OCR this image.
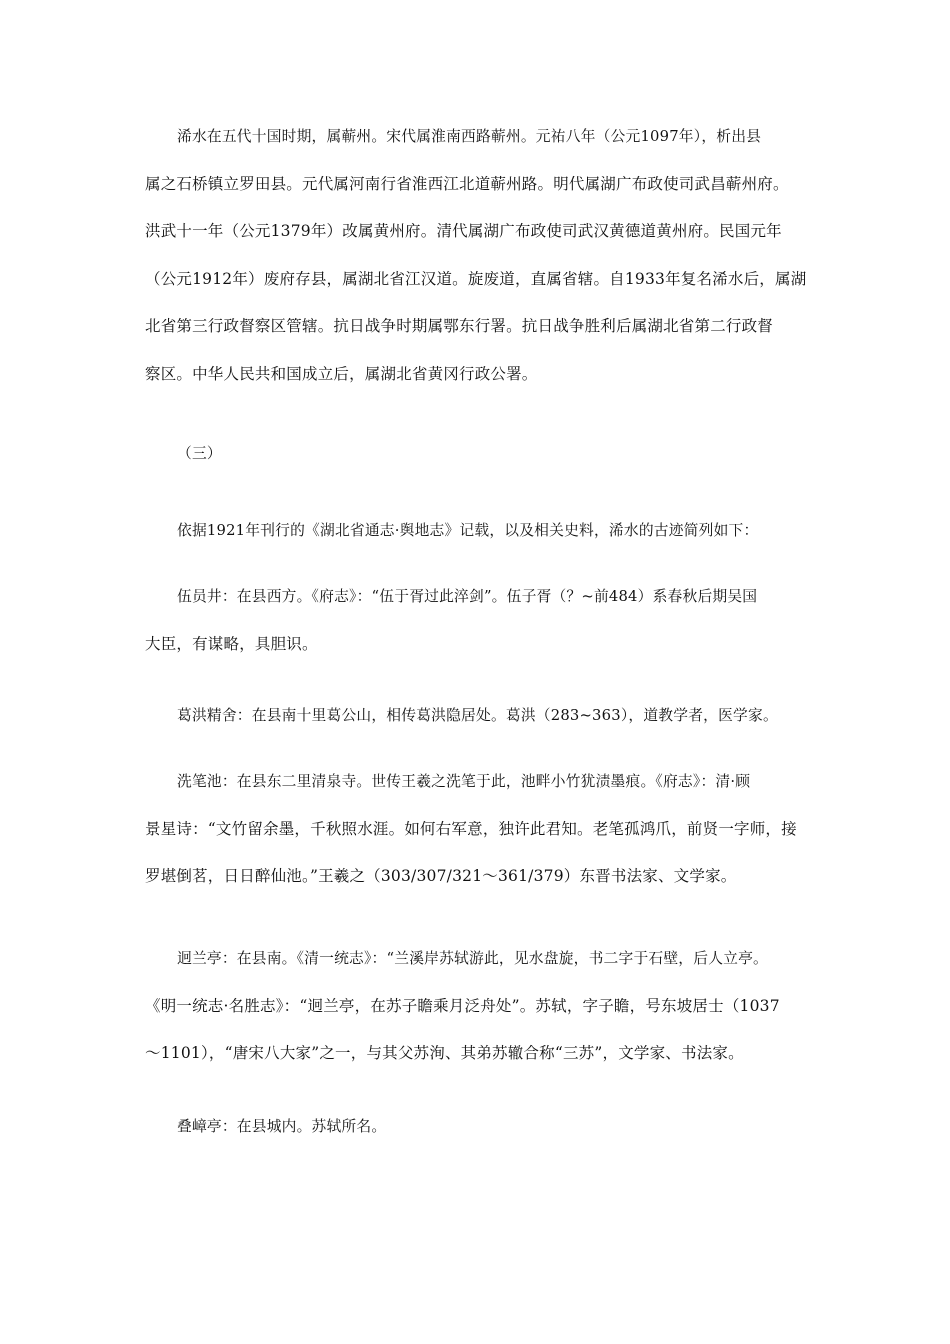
浠水在五代十国时期，属蕲州。宋代属淮南西路蕲州。元祐八年（公元1097年），析出县
属之石桥镇立罗田县。元代属河南行省淮西江北道蕲州路。明代属湖广布政使司武昌蕲州府。
洪武十一年（公元1379年）改属黄州府。清代属湖广布政使司武汉黄德道黄州府。民国元年
（公元1912年）废府存县，属湖北省江汉道。旋废道，直属省辖。自1933年复名浠水后，属湖
北省第三行政督察区管辖。抗日战争时期属鄂东行署。抗日战争胜利后属湖北省第二行政督
察区。中华人民共和国成立后，属湖北省黄冈行政公署。
（三）
依据1921年刊行的《湖北省通志·舆地志》记载，以及相关史料，浠水的古迹简列如下：
伍员井：在县西方。《府志》：“伍于胥过此淬剑”。伍子胥（？~前484）系春秋后期吴国
大臣，有谋略，具胆识。
葛洪精舍：在县南十里葛公山，相传葛洪隐居处。葛洪（283~363），道教学者，医学家。
洗笔池：在县东二里清泉寺。世传王羲之洗笔于此，池畔小竹犹渍墨痕。《府志》：清·顾
景星诗：“文竹留余墨，千秋照水涯。如何右军意，独许此君知。老笔孤鸿爪，前贤一字师，接
罗堪倒茗，日日醉仙池。”王羲之（303/307/321～361/379）东晋书法家、文学家。
迥兰亭：在县南。《清一统志》：“兰溪岸苏轼游此，见水盘旋，书二字于石壁，后人立亭。
《明一统志·名胜志》：“迥兰亭，在苏子瞻乘月泛舟处”。苏轼，字子瞻，号东坡居士（1037
～1101），“唐宋八大家”之一，与其父苏洵、其弟苏辙合称“三苏”，文学家、书法家。
叠嶂亭：在县城内。苏轼所名。
